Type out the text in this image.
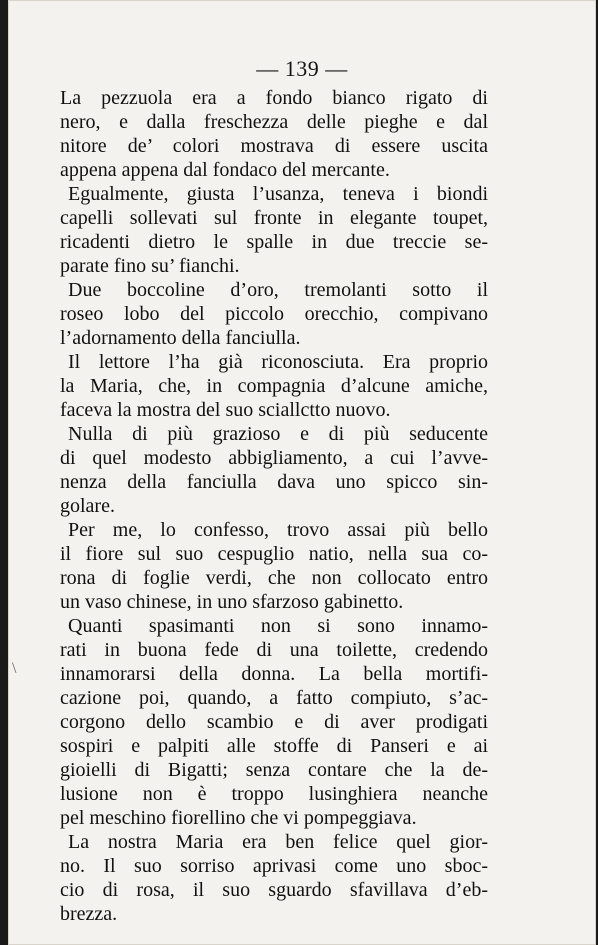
— 139 —
\
La pezzuola era a fondo bianco rigato di
nero, e dalla freschezza delle pieghe e dal
nitore de’ colori mostrava di essere uscita
appena appena dal fondaco del mercante.
Egualmente, giusta l’usanza, teneva i biondi
capelli sollevati sul fronte in elegante toupet,
ricadenti dietro le spalle in due treccie se-
parate fino su’ fianchi.
Due boccoline d’oro, tremolanti sotto il
roseo lobo del piccolo orecchio, compivano
l’adornamento della fanciulla.
Il lettore l’ha già riconosciuta. Era proprio
la Maria, che, in compagnia d’alcune amiche,
faceva la mostra del suo sciallctto nuovo.
Nulla di più grazioso e di più seducente
di quel modesto abbigliamento, a cui l’avve-
nenza della fanciulla dava uno spicco sin-
golare.
Per me, lo confesso, trovo assai più bello
il fiore sul suo cespuglio natio, nella sua co-
rona di foglie verdi, che non collocato entro
un vaso chinese, in uno sfarzoso gabinetto.
Quanti spasimanti non si sono innamo-
rati in buona fede di una toilette, credendo
innamorarsi della donna. La bella mortifi-
cazione poi, quando, a fatto compiuto, s’ac-
corgono dello scambio e di aver prodigati
sospiri e palpiti alle stoffe di Panseri e ai
gioielli di Bigatti; senza contare che la de-
lusione non è troppo lusinghiera neanche
pel meschino fiorellino che vi pompeggiava.
La nostra Maria era ben felice quel gior-
no. Il suo sorriso aprivasi come uno sboc-
cio di rosa, il suo sguardo sfavillava d’eb-
brezza.
